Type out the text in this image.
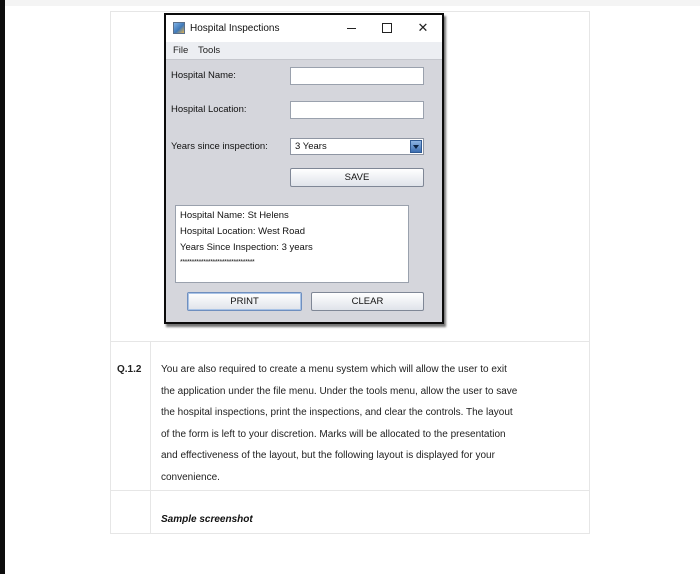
Hospital Inspections	✕
File Tools
Hospital Name:
Hospital Location:
Years since inspection:	3 Years
SAVE
Hospital Name: St Helens
Hospital Location: West Road
Years Since Inspection: 3 years
********************************
PRINT	CLEAR
Q.1.2 You are also required to create a menu system which will allow the user to exit
the application under the file menu. Under the tools menu, allow the user to save
the hospital inspections, print the inspections, and clear the controls. The layout
of the form is left to your discretion. Marks will be allocated to the presentation
and effectiveness of the layout, but the following layout is displayed for your
convenience.
Sample screenshot
